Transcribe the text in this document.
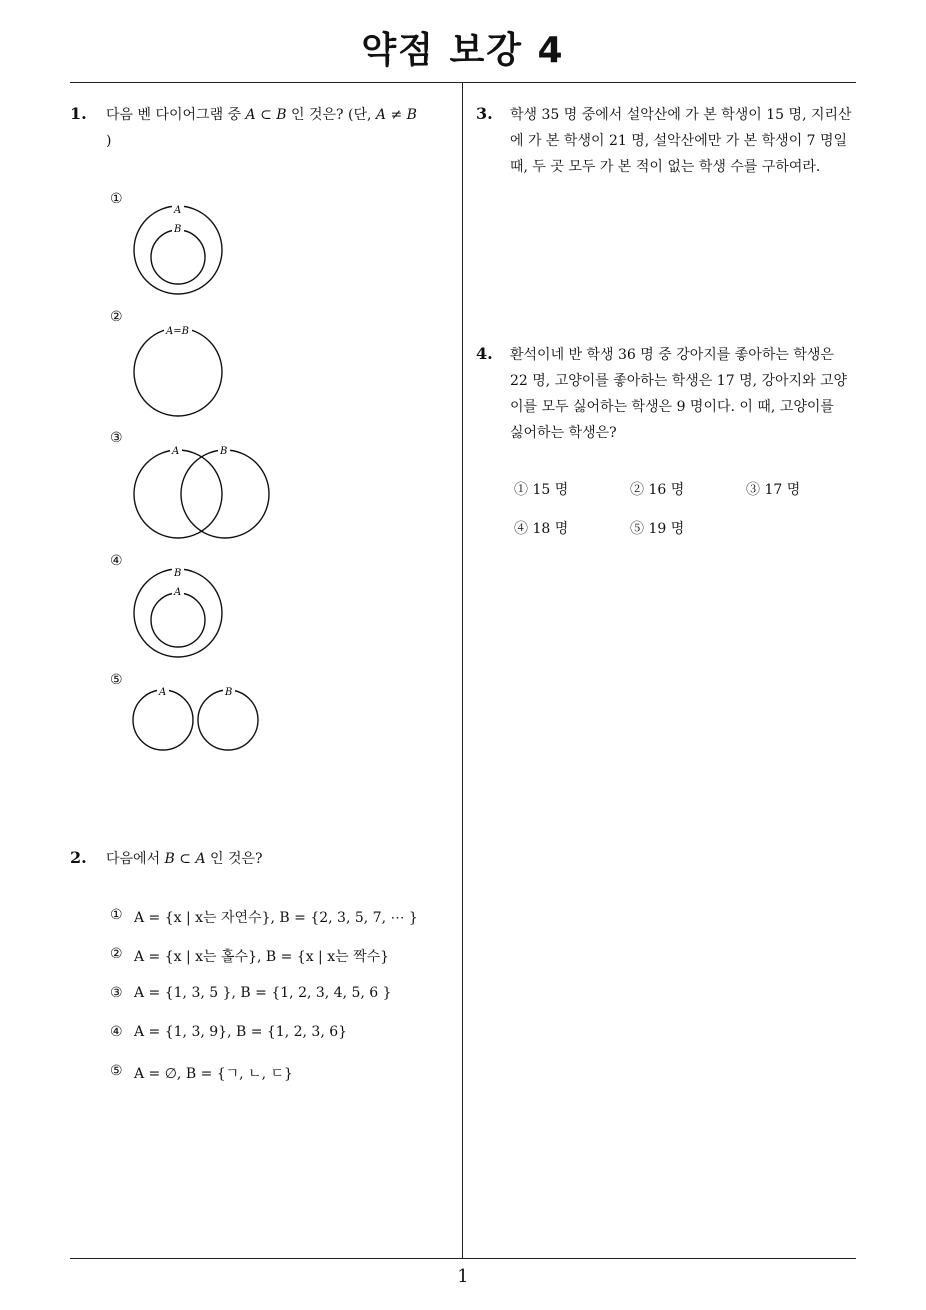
약점 보강 4
1
1. 다음 벤 다이어그램 중 A ⊂ B 인 것은? (단, A ≠ B
)
①
A
B
②
A=B
③
A	B
④
B
A
⑤
A	B
2. 다음에서 B ⊂ A 인 것은?
① A = {x | x는 자연수}, B = {2, 3, 5, 7, ⋯ }
② A = {x | x는 홀수}, B = {x | x는 짝수}
③ A = {1, 3, 5 }, B = {1, 2, 3, 4, 5, 6 }
④ A = {1, 3, 9}, B = {1, 2, 3, 6}
⑤ A = ∅, B = {ㄱ, ㄴ, ㄷ}
3. 학생 35 명 중에서 설악산에 가 본 학생이 15 명, 지리산
에 가 본 학생이 21 명, 설악산에만 가 본 학생이 7 명일
때, 두 곳 모두 가 본 적이 없는 학생 수를 구하여라.
4. 환석이네 반 학생 36 명 중 강아지를 좋아하는 학생은
22 명, 고양이를 좋아하는 학생은 17 명, 강아지와 고양
이를 모두 싫어하는 학생은 9 명이다. 이 때, 고양이를
싫어하는 학생은?
① 15 명	② 16 명	③ 17 명
④ 18 명	⑤ 19 명
